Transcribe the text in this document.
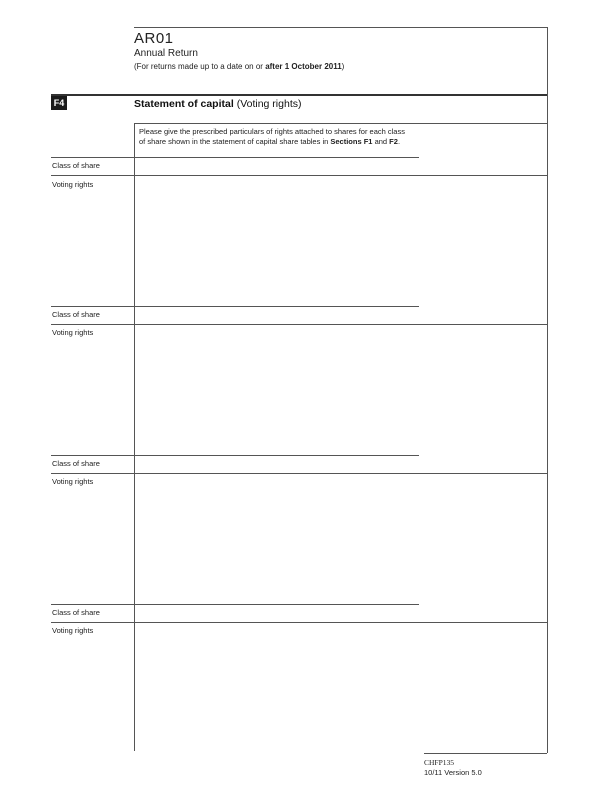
AR01
Annual Return
(For returns made up to a date on or after 1 October 2011)
F4	Statement of capital (Voting rights)
Please give the prescribed particulars of rights attached to shares for each class
of share shown in the statement of capital share tables in Sections F1 and F2.
Class of share
Voting rights
Class of share
Voting rights
Class of share
Voting rights
Class of share
Voting rights
CHFP135
10/11 Version 5.0
